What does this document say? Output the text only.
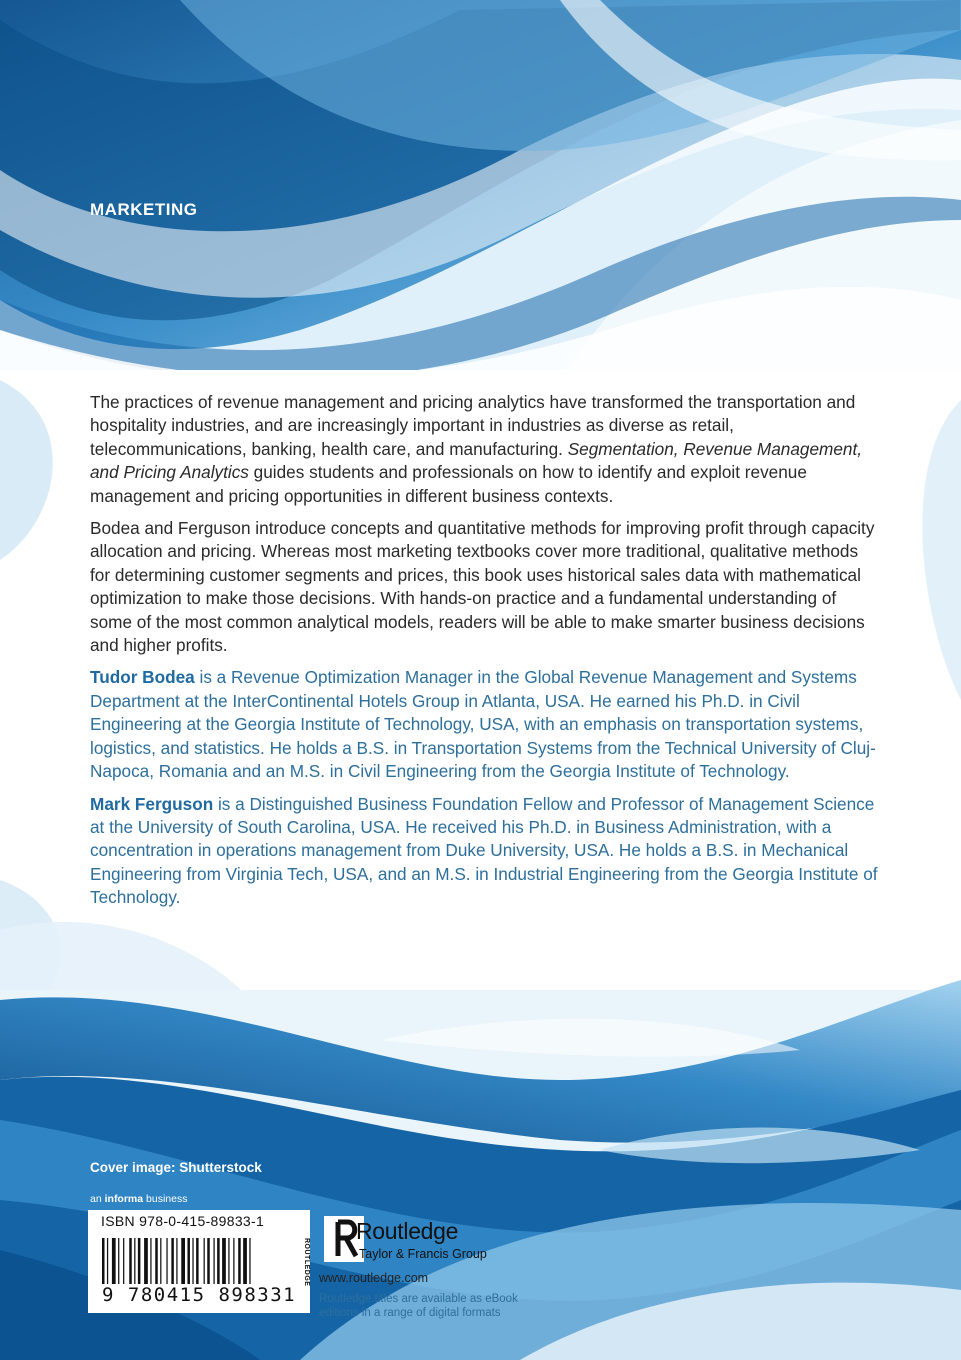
MARKETING

The practices of revenue management and pricing analytics have transformed the transportation and hospitality industries, and are increasingly important in industries as diverse as retail, telecommunications, banking, health care, and manufacturing. Segmentation, Revenue Management, and Pricing Analytics guides students and professionals on how to identify and exploit revenue management and pricing opportunities in different business contexts.

Bodea and Ferguson introduce concepts and quantitative methods for improving profit through capacity allocation and pricing. Whereas most marketing textbooks cover more traditional, qualitative methods for determining customer segments and prices, this book uses historical sales data with mathematical optimization to make those decisions. With hands-on practice and a fundamental understanding of some of the most common analytical models, readers will be able to make smarter business decisions and higher profits.

Tudor Bodea is a Revenue Optimization Manager in the Global Revenue Management and Systems Department at the InterContinental Hotels Group in Atlanta, USA. He earned his Ph.D. in Civil Engineering at the Georgia Institute of Technology, USA, with an emphasis on transportation systems, logistics, and statistics. He holds a B.S. in Transportation Systems from the Technical University of Cluj-Napoca, Romania and an M.S. in Civil Engineering from the Georgia Institute of Technology.

Mark Ferguson is a Distinguished Business Foundation Fellow and Professor of Management Science at the University of South Carolina, USA. He received his Ph.D. in Business Administration, with a concentration in operations management from Duke University, USA. He holds a B.S. in Mechanical Engineering from Virginia Tech, USA, and an M.S. in Industrial Engineering from the Georgia Institute of Technology.

Cover image: Shutterstock
an informa business
ISBN 978-0-415-89833-1
9 780415 898331
ROUTLEDGE
Routledge
Taylor & Francis Group
www.routledge.com
Routledge titles are available as eBook
editions in a range of digital formats
